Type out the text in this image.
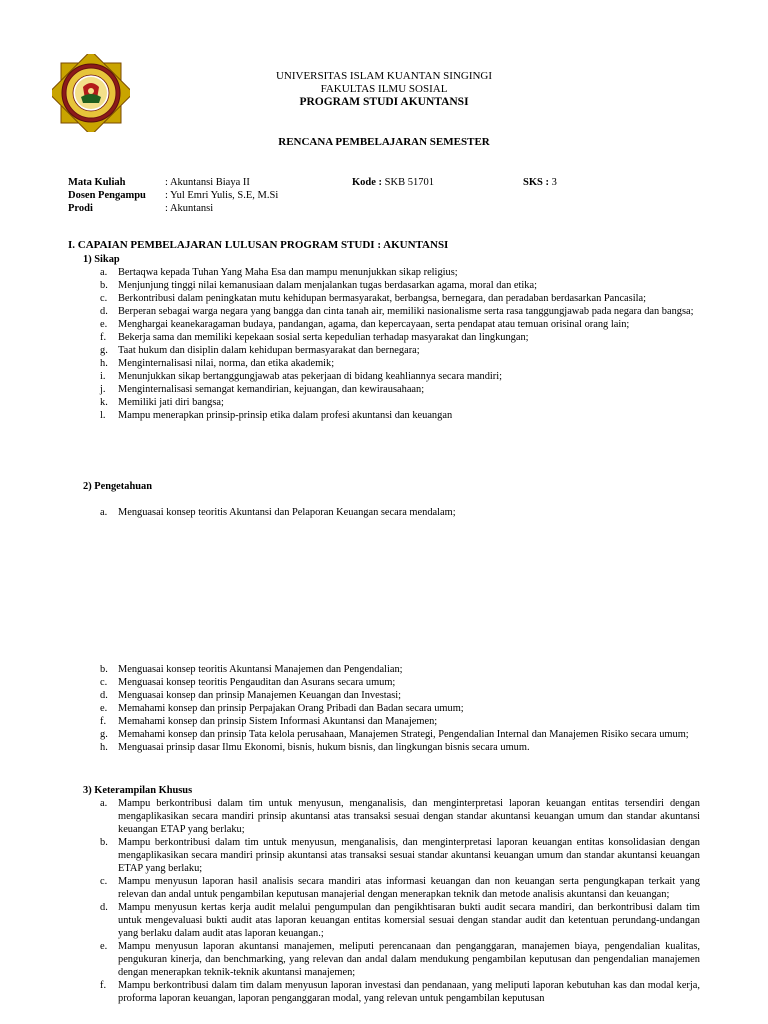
UNIVERSITAS ISLAM KUANTAN SINGINGI
FAKULTAS ILMU SOSIAL
PROGRAM STUDI AKUNTANSI
RENCANA PEMBELAJARAN SEMESTER
Mata Kuliah	: Akuntansi Biaya II	Kode : SKB 51701	SKS : 3
Dosen Pengampu : Yul Emri Yulis, S.E, M.Si
Prodi	: Akuntansi
I. CAPAIAN PEMBELAJARAN LULUSAN PROGRAM STUDI : AKUNTANSI
1) Sikap
a.	Bertaqwa kepada Tuhan Yang Maha Esa dan mampu menunjukkan sikap religius;
b. Menjunjung tinggi nilai kemanusiaan dalam menjalankan tugas berdasarkan agama, moral dan etika;
c.	Berkontribusi dalam peningkatan mutu kehidupan bermasyarakat, berbangsa, bernegara, dan peradaban berdasarkan Pancasila;
d. Berperan sebagai warga negara yang bangga dan cinta tanah air, memiliki nasionalisme serta rasa tanggungjawab pada negara dan bangsa;
e.	Menghargai keanekaragaman budaya, pandangan, agama, dan kepercayaan, serta pendapat atau temuan orisinal orang lain;
f.	Bekerja sama dan memiliki kepekaan sosial serta kepedulian terhadap masyarakat dan lingkungan;
g. Taat hukum dan disiplin dalam kehidupan bermasyarakat dan bernegara;
h. Menginternalisasi nilai, norma, dan etika akademik;
i.	Menunjukkan sikap bertanggungjawab atas pekerjaan di bidang keahliannya secara mandiri;
j.	Menginternalisasi semangat kemandirian, kejuangan, dan kewirausahaan;
k. Memiliki jati diri bangsa;
l.	Mampu menerapkan prinsip-prinsip etika dalam profesi akuntansi dan keuangan
2) Pengetahuan
a.	Menguasai konsep teoritis Akuntansi dan Pelaporan Keuangan secara mendalam;
b. Menguasai konsep teoritis Akuntansi Manajemen dan Pengendalian;
c.	Menguasai konsep teoritis Pengauditan dan Asurans secara umum;
d. Menguasai konsep dan prinsip Manajemen Keuangan dan Investasi;
e.	Memahami konsep dan prinsip Perpajakan Orang Pribadi dan Badan secara umum;
f.	Memahami konsep dan prinsip Sistem Informasi Akuntansi dan Manajemen;
g. Memahami konsep dan prinsip Tata kelola perusahaan, Manajemen Strategi, Pengendalian Internal dan Manajemen Risiko secara umum;
h. Menguasai prinsip dasar Ilmu Ekonomi, bisnis, hukum bisnis, dan lingkungan bisnis secara umum.
3) Keterampilan Khusus
a.	Mampu berkontribusi dalam tim untuk menyusun, menganalisis, dan menginterpretasi laporan keuangan entitas tersendiri dengan mengaplikasikan secara mandiri prinsip akuntansi atas transaksi sesuai dengan standar akuntansi keuangan umum dan standar akuntansi keuangan ETAP yang berlaku;
b. Mampu berkontribusi dalam tim untuk menyusun, menganalisis, dan menginterpretasi laporan keuangan entitas konsolidasian dengan mengaplikasikan secara mandiri prinsip akuntansi atas transaksi sesuai standar akuntansi keuangan umum dan standar akuntansi keuangan ETAP yang berlaku;
c.	Mampu menyusun laporan hasil analisis secara mandiri atas informasi keuangan dan non keuangan serta pengungkapan terkait yang relevan dan andal untuk pengambilan keputusan manajerial dengan menerapkan teknik dan metode analisis akuntansi dan keuangan;
d. Mampu menyusun kertas kerja audit melalui pengumpulan dan pengikhtisaran bukti audit secara mandiri, dan berkontribusi dalam tim untuk mengevaluasi bukti audit atas laporan keuangan entitas komersial sesuai dengan standar audit dan ketentuan perundang-undangan yang berlaku dalam audit atas laporan keuangan.;
e.	Mampu menyusun laporan akuntansi manajemen, meliputi perencanaan dan penganggaran, manajemen biaya, pengendalian kualitas, pengukuran kinerja, dan benchmarking, yang relevan dan andal dalam mendukung pengambilan keputusan dan pengendalian manajemen dengan menerapkan teknik-teknik akuntansi manajemen;
f.	Mampu berkontribusi dalam tim dalam menyusun laporan investasi dan pendanaan, yang meliputi laporan kebutuhan kas dan modal kerja, proforma laporan keuangan, laporan penganggaran modal, yang relevan untuk pengambilan keputusan
